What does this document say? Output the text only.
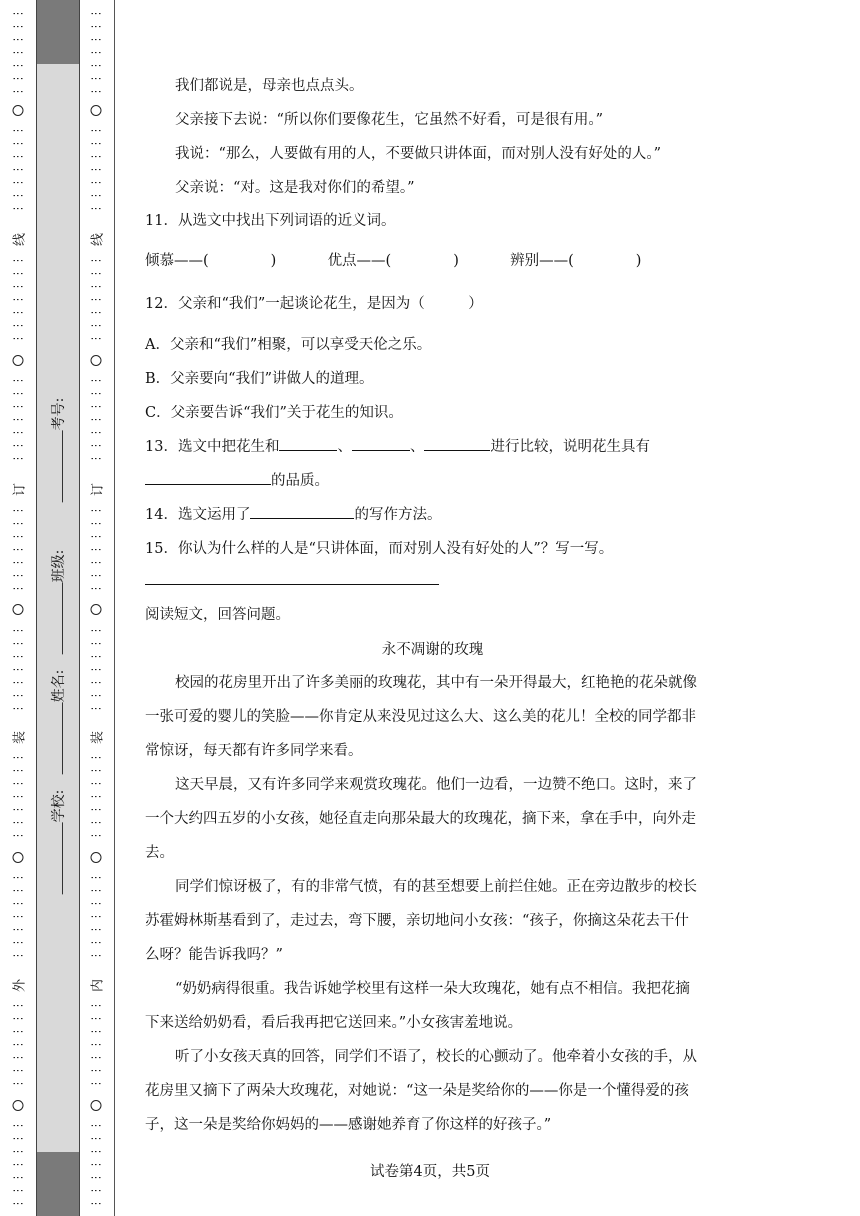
⋮⋮⋮⋮⋮⋮⋮
⋮⋮⋮⋮⋮⋮⋮
线
⋮⋮⋮⋮⋮⋮⋮
⋮⋮⋮⋮⋮⋮⋮
订
⋮⋮⋮⋮⋮⋮⋮
⋮⋮⋮⋮⋮⋮⋮
装
⋮⋮⋮⋮⋮⋮⋮
⋮⋮⋮⋮⋮⋮⋮
外
⋮⋮⋮⋮⋮⋮⋮
⋮⋮⋮⋮⋮⋮⋮
考号:
班级:
姓名:
学校:
⋮⋮⋮⋮⋮⋮⋮
⋮⋮⋮⋮⋮⋮⋮
线
⋮⋮⋮⋮⋮⋮⋮
⋮⋮⋮⋮⋮⋮⋮
订
⋮⋮⋮⋮⋮⋮⋮
⋮⋮⋮⋮⋮⋮⋮
装
⋮⋮⋮⋮⋮⋮⋮
⋮⋮⋮⋮⋮⋮⋮
内
⋮⋮⋮⋮⋮⋮⋮
⋮⋮⋮⋮⋮⋮⋮
我们都说是，母亲也点点头。
父亲接下去说：“所以你们要像花生，它虽然不好看，可是很有用。”
我说：“那么，人要做有用的人，不要做只讲体面，而对别人没有好处的人。”
父亲说：“对。这是我对你们的希望。”
11．从选文中找出下列词语的近义词。
倾慕——(	)	优点——(	)	辨别——(	)
12．父亲和“我们”一起谈论花生，是因为（　　　）
A．父亲和“我们”相聚，可以享受天伦之乐。
B．父亲要向“我们”讲做人的道理。
C．父亲要告诉“我们”关于花生的知识。
13．选文中把花生和	、	、	进行比较，说明花生具有
的品质。
14．选文运用了	的写作方法。
15．你认为什么样的人是“只讲体面，而对别人没有好处的人”？写一写。
阅读短文，回答问题。
永不凋谢的玫瑰
校园的花房里开出了许多美丽的玫瑰花，其中有一朵开得最大，红艳艳的花朵就像
一张可爱的婴儿的笑脸——你肯定从来没见过这么大、这么美的花儿！全校的同学都非
常惊讶，每天都有许多同学来看。
这天早晨，又有许多同学来观赏玫瑰花。他们一边看，一边赞不绝口。这时，来了
一个大约四五岁的小女孩，她径直走向那朵最大的玫瑰花，摘下来，拿在手中，向外走
去。
同学们惊讶极了，有的非常气愤，有的甚至想要上前拦住她。正在旁边散步的校长
苏霍姆林斯基看到了，走过去，弯下腰，亲切地问小女孩：“孩子，你摘这朵花去干什
么呀？能告诉我吗？”
“奶奶病得很重。我告诉她学校里有这样一朵大玫瑰花，她有点不相信。我把花摘
下来送给奶奶看，看后我再把它送回来。”小女孩害羞地说。
听了小女孩天真的回答，同学们不语了，校长的心颤动了。他牵着小女孩的手，从
花房里又摘下了两朵大玫瑰花，对她说：“这一朵是奖给你的——你是一个懂得爱的孩
子，这一朵是奖给你妈妈的——感谢她养育了你这样的好孩子。”
试卷第4页，共5页
